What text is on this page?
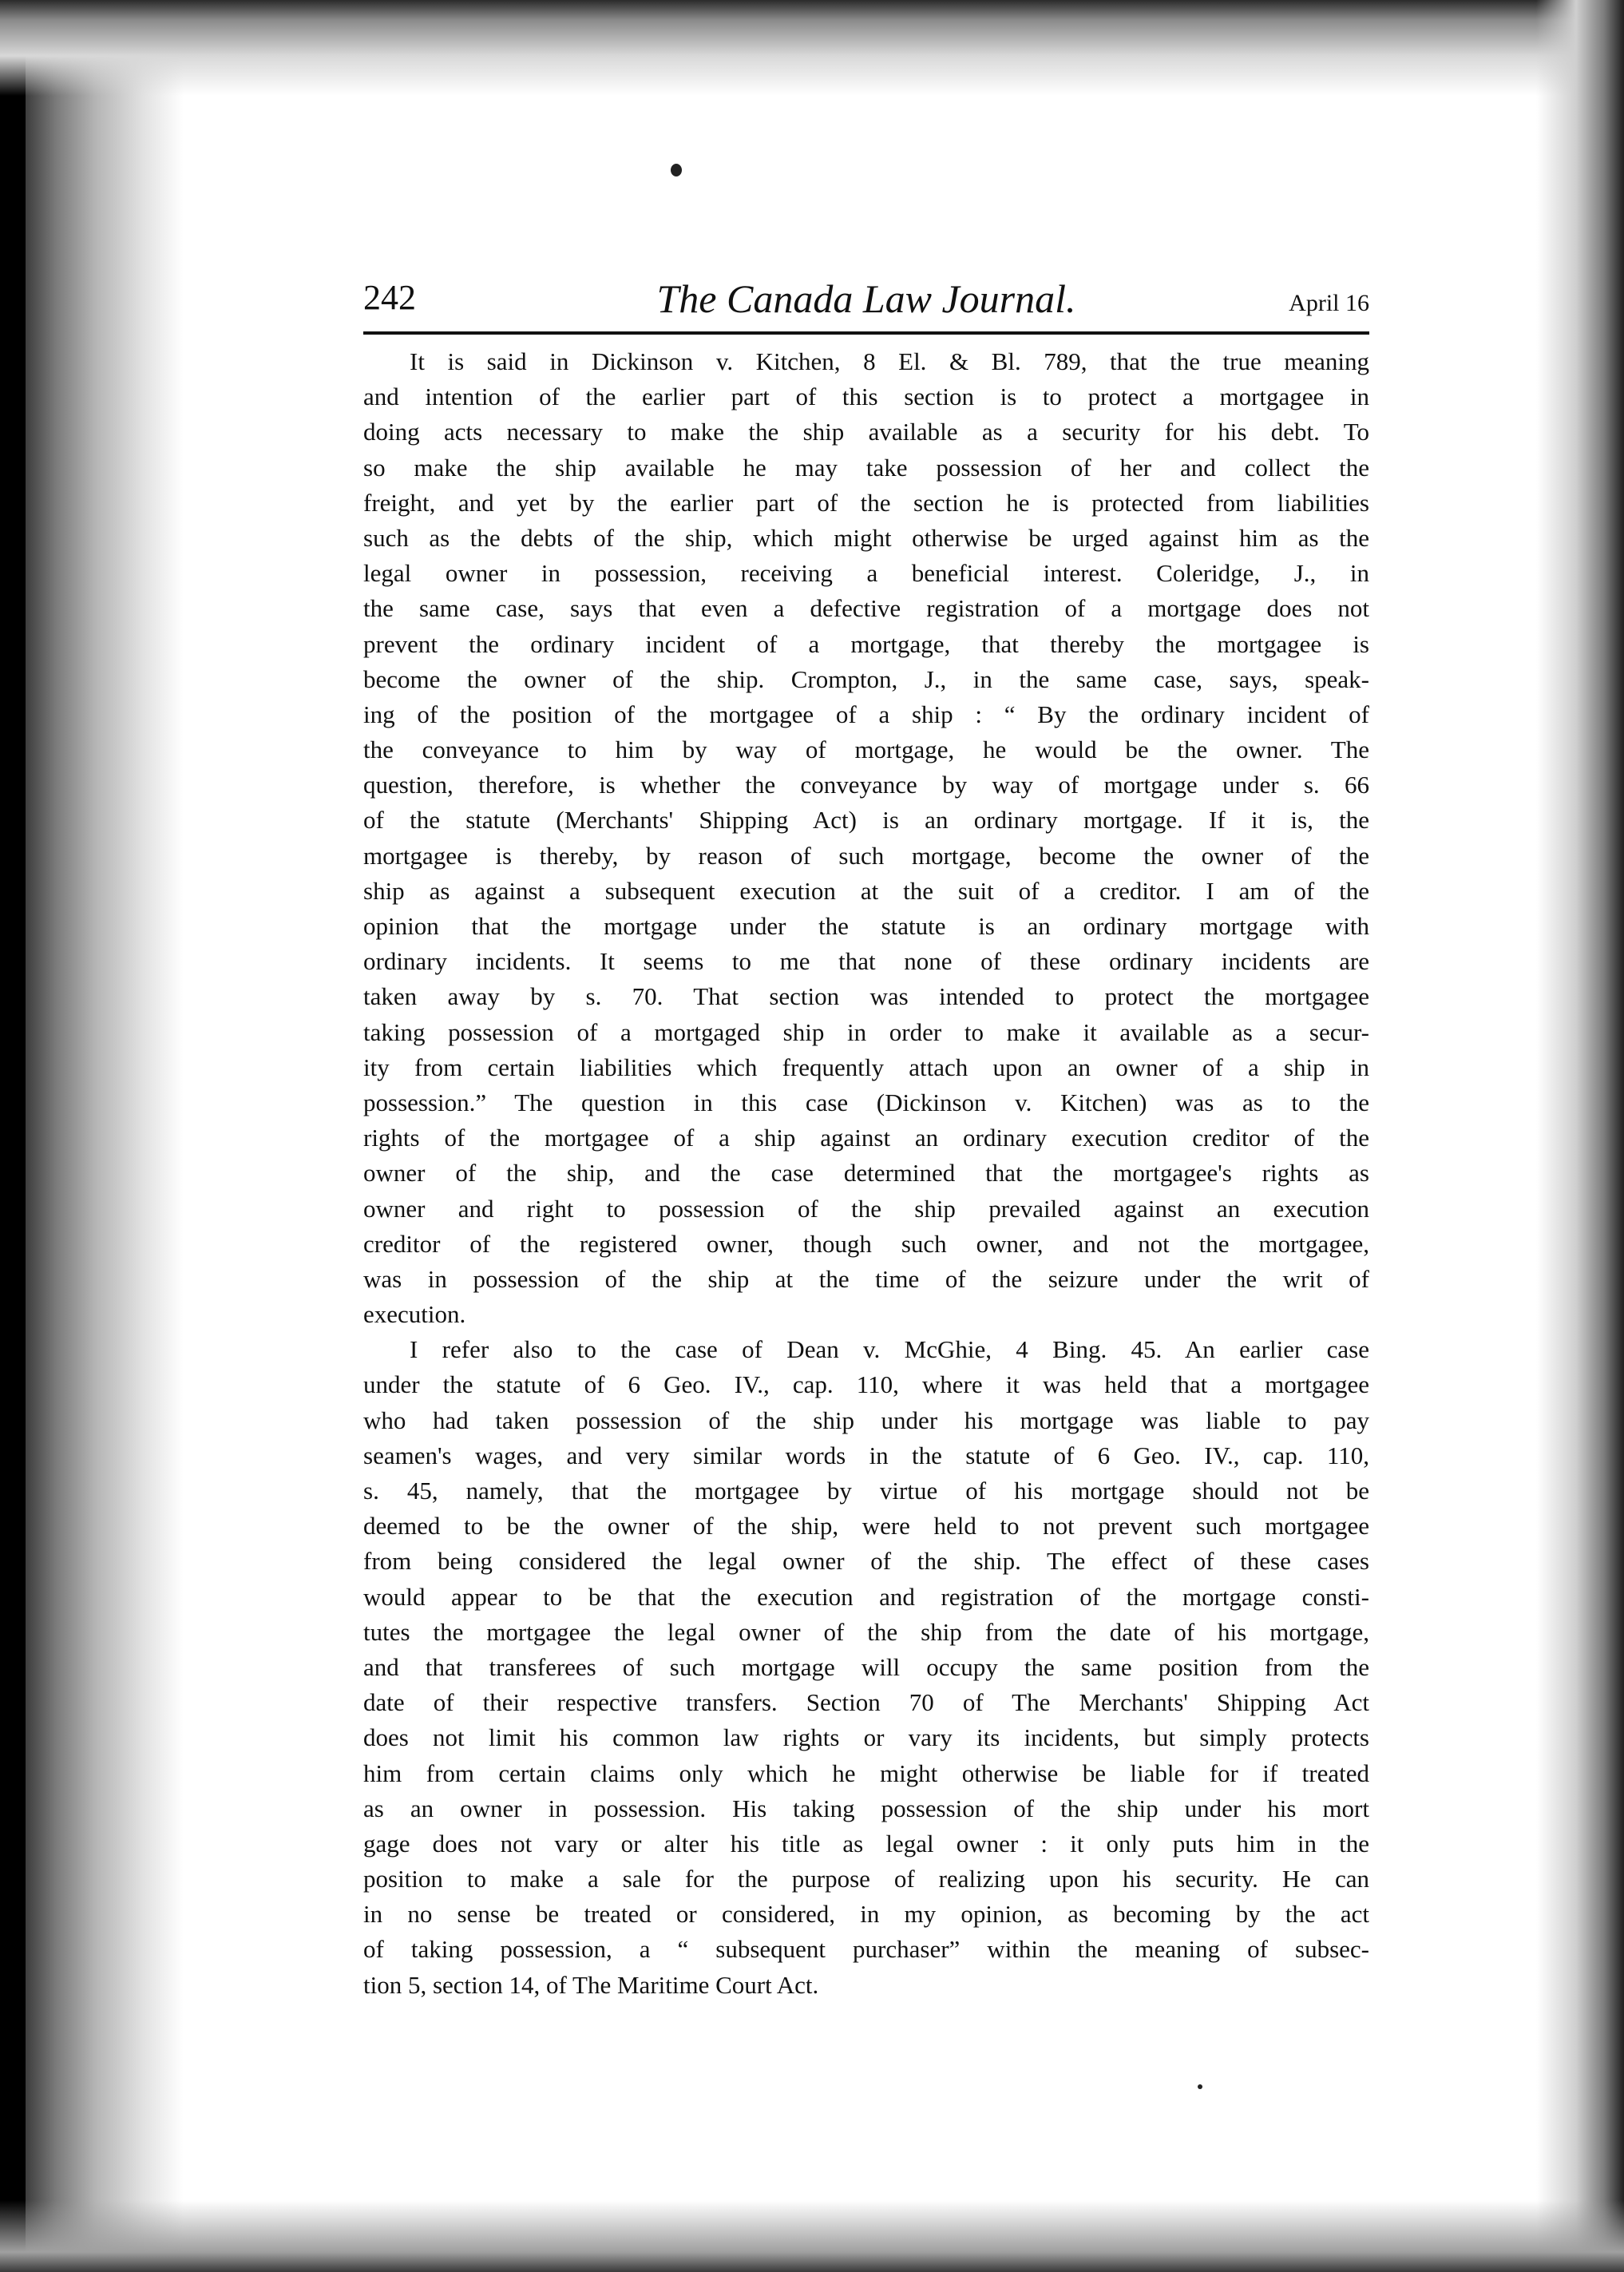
242	The Canada Law Journal.	April 16
It is said in Dickinson v. Kitchen, 8 El. & Bl. 789, that the true meaning
and intention of the earlier part of this section is to protect a mortgagee in
doing acts necessary to make the ship available as a security for his debt. To
so make the ship available he may take possession of her and collect the
freight, and yet by the earlier part of the section he is protected from liabilities
such as the debts of the ship, which might otherwise be urged against him as the
legal owner in possession, receiving a beneficial interest. Coleridge, J., in
the same case, says that even a defective registration of a mortgage does not
prevent the ordinary incident of a mortgage, that thereby the mortgagee is
become the owner of the ship. Crompton, J., in the same case, says, speak-
ing of the position of the mortgagee of a ship : “ By the ordinary incident of
the conveyance to him by way of mortgage, he would be the owner. The
question, therefore, is whether the conveyance by way of mortgage under s. 66
of the statute (Merchants' Shipping Act) is an ordinary mortgage. If it is, the
mortgagee is thereby, by reason of such mortgage, become the owner of the
ship as against a subsequent execution at the suit of a creditor. I am of the
opinion that the mortgage under the statute is an ordinary mortgage with
ordinary incidents. It seems to me that none of these ordinary incidents are
taken away by s. 70. That section was intended to protect the mortgagee
taking possession of a mortgaged ship in order to make it available as a secur-
ity from certain liabilities which frequently attach upon an owner of a ship in
possession.” The question in this case (Dickinson v. Kitchen) was as to the
rights of the mortgagee of a ship against an ordinary execution creditor of the
owner of the ship, and the case determined that the mortgagee's rights as
owner and right to possession of the ship prevailed against an execution
creditor of the registered owner, though such owner, and not the mortgagee,
was in possession of the ship at the time of the seizure under the writ of
execution.
I refer also to the case of Dean v. McGhie, 4 Bing. 45. An earlier case
under the statute of 6 Geo. IV., cap. 110, where it was held that a mortgagee
who had taken possession of the ship under his mortgage was liable to pay
seamen's wages, and very similar words in the statute of 6 Geo. IV., cap. 110,
s. 45, namely, that the mortgagee by virtue of his mortgage should not be
deemed to be the owner of the ship, were held to not prevent such mortgagee
from being considered the legal owner of the ship. The effect of these cases
would appear to be that the execution and registration of the mortgage consti-
tutes the mortgagee the legal owner of the ship from the date of his mortgage,
and that transferees of such mortgage will occupy the same position from the
date of their respective transfers. Section 70 of The Merchants' Shipping Act
does not limit his common law rights or vary its incidents, but simply protects
him from certain claims only which he might otherwise be liable for if treated
as an owner in possession. His taking possession of the ship under his mort
gage does not vary or alter his title as legal owner : it only puts him in the
position to make a sale for the purpose of realizing upon his security. He can
in no sense be treated or considered, in my opinion, as becoming by the act
of taking possession, a “ subsequent purchaser” within the meaning of subsec-
tion 5, section 14, of The Maritime Court Act.
